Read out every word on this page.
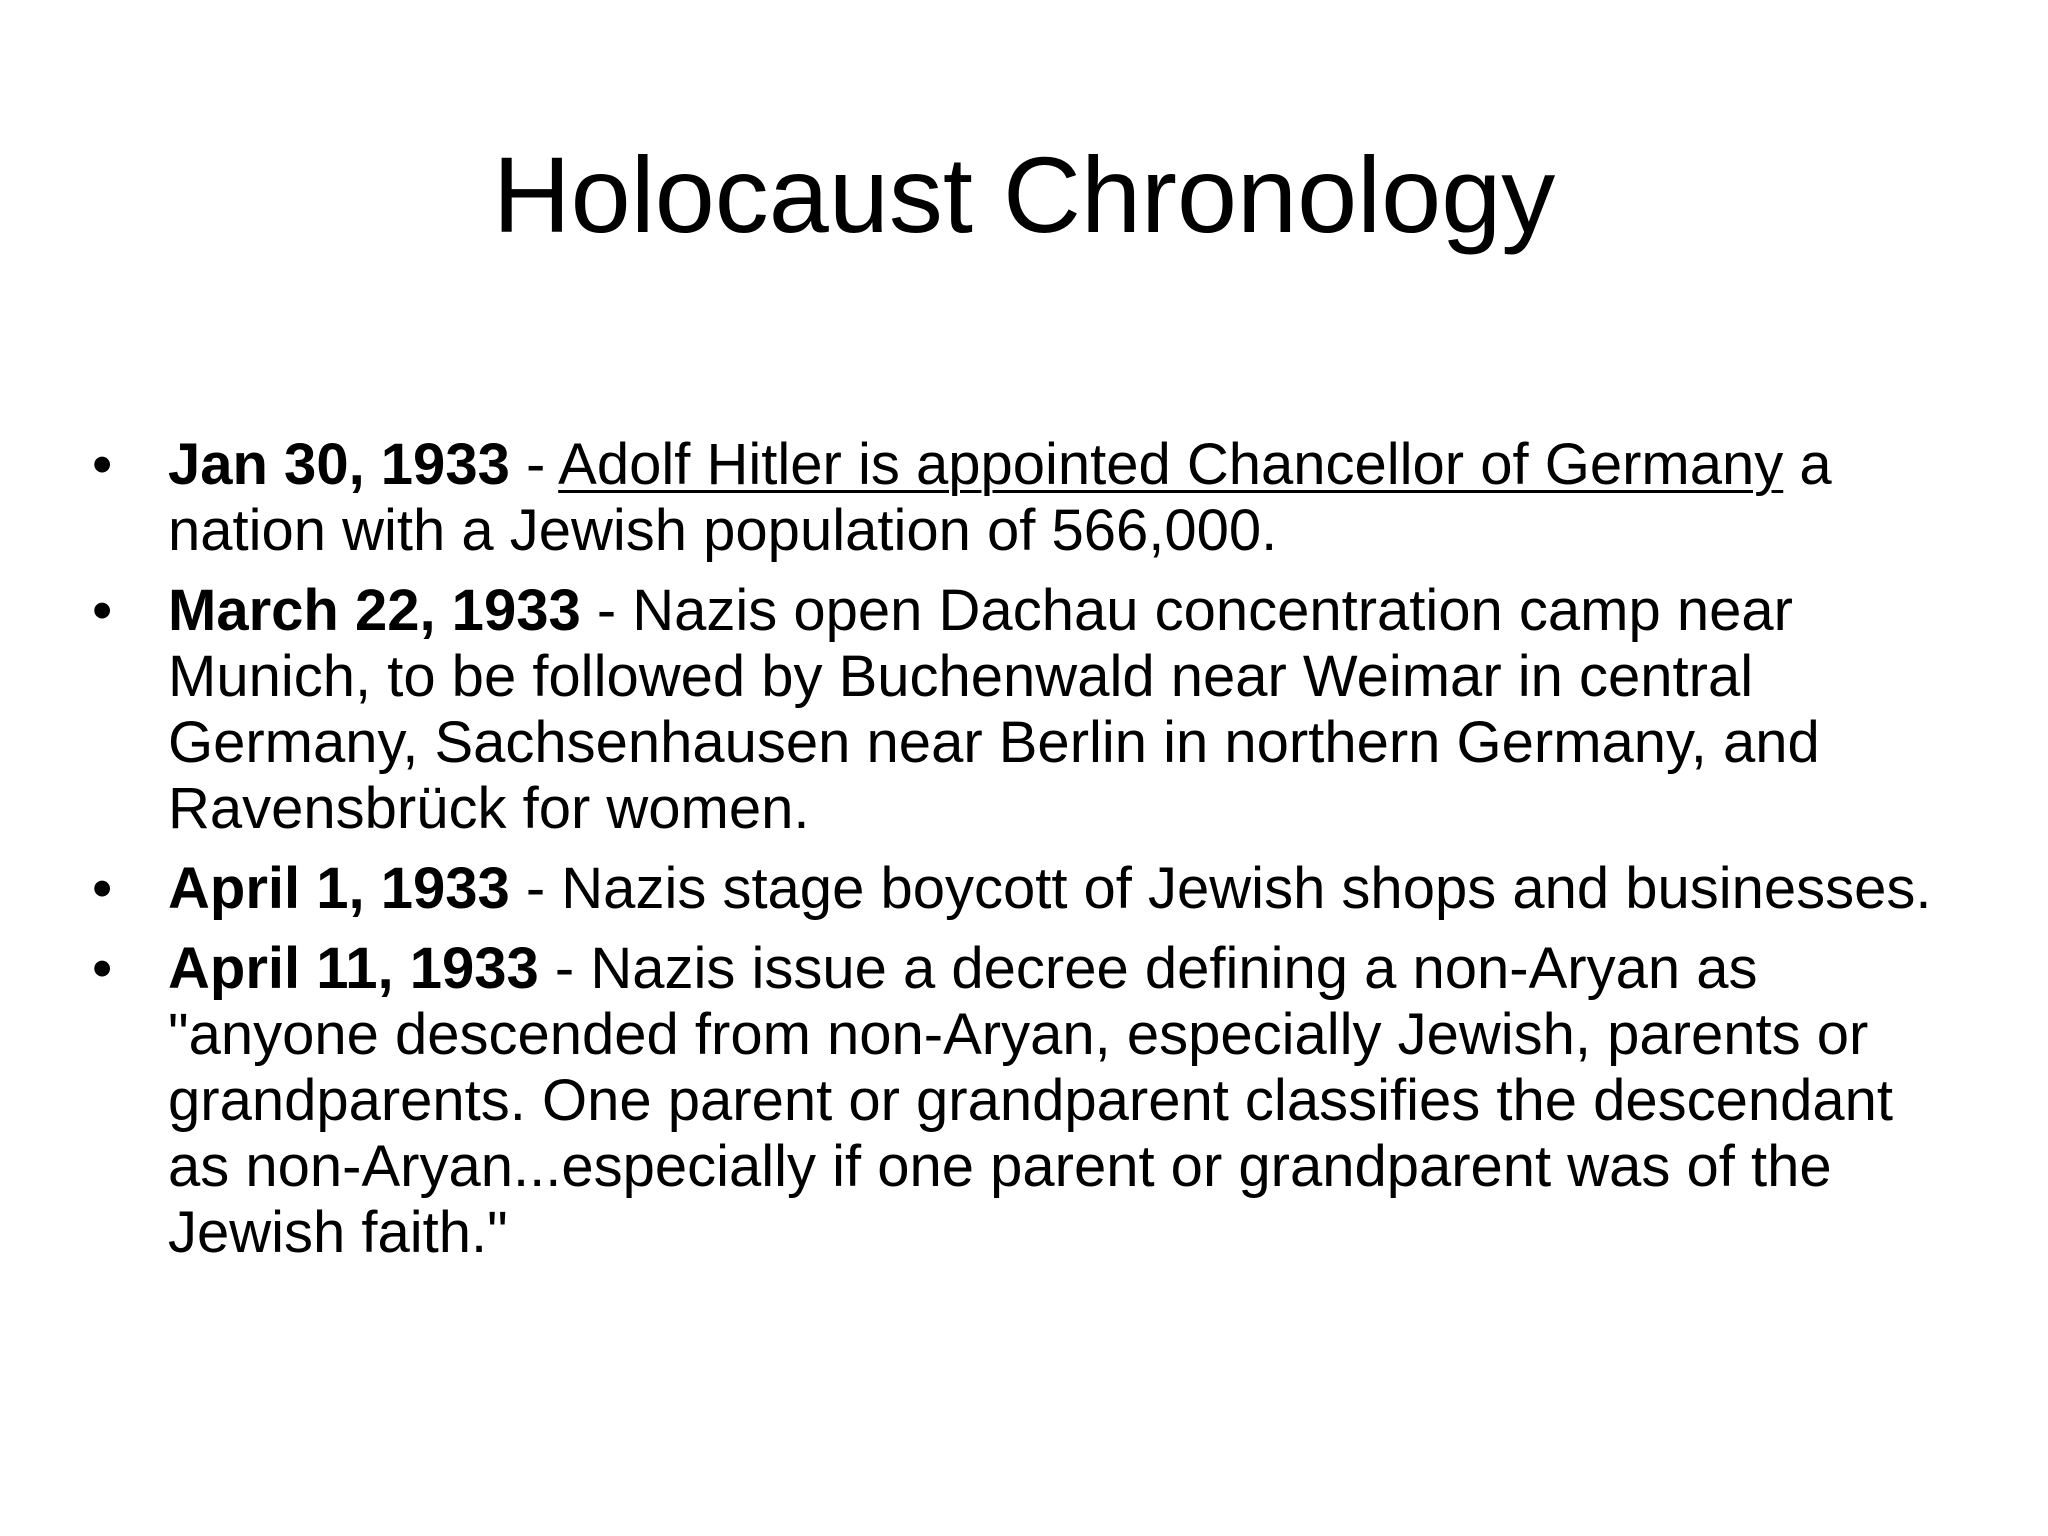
Holocaust Chronology
• Jan 30, 1933 - Adolf Hitler is appointed Chancellor of Germany a nation with a Jewish population of 566,000.
• March 22, 1933 - Nazis open Dachau concentration camp near Munich, to be followed by Buchenwald near Weimar in central Germany, Sachsenhausen near Berlin in northern Germany, and Ravensbrück for women.
• April 1, 1933 - Nazis stage boycott of Jewish shops and businesses.
• April 11, 1933 - Nazis issue a decree defining a non-Aryan as "anyone descended from non-Aryan, especially Jewish, parents or grandparents. One parent or grandparent classifies the descendant as non-Aryan...especially if one parent or grandparent was of the Jewish faith."
